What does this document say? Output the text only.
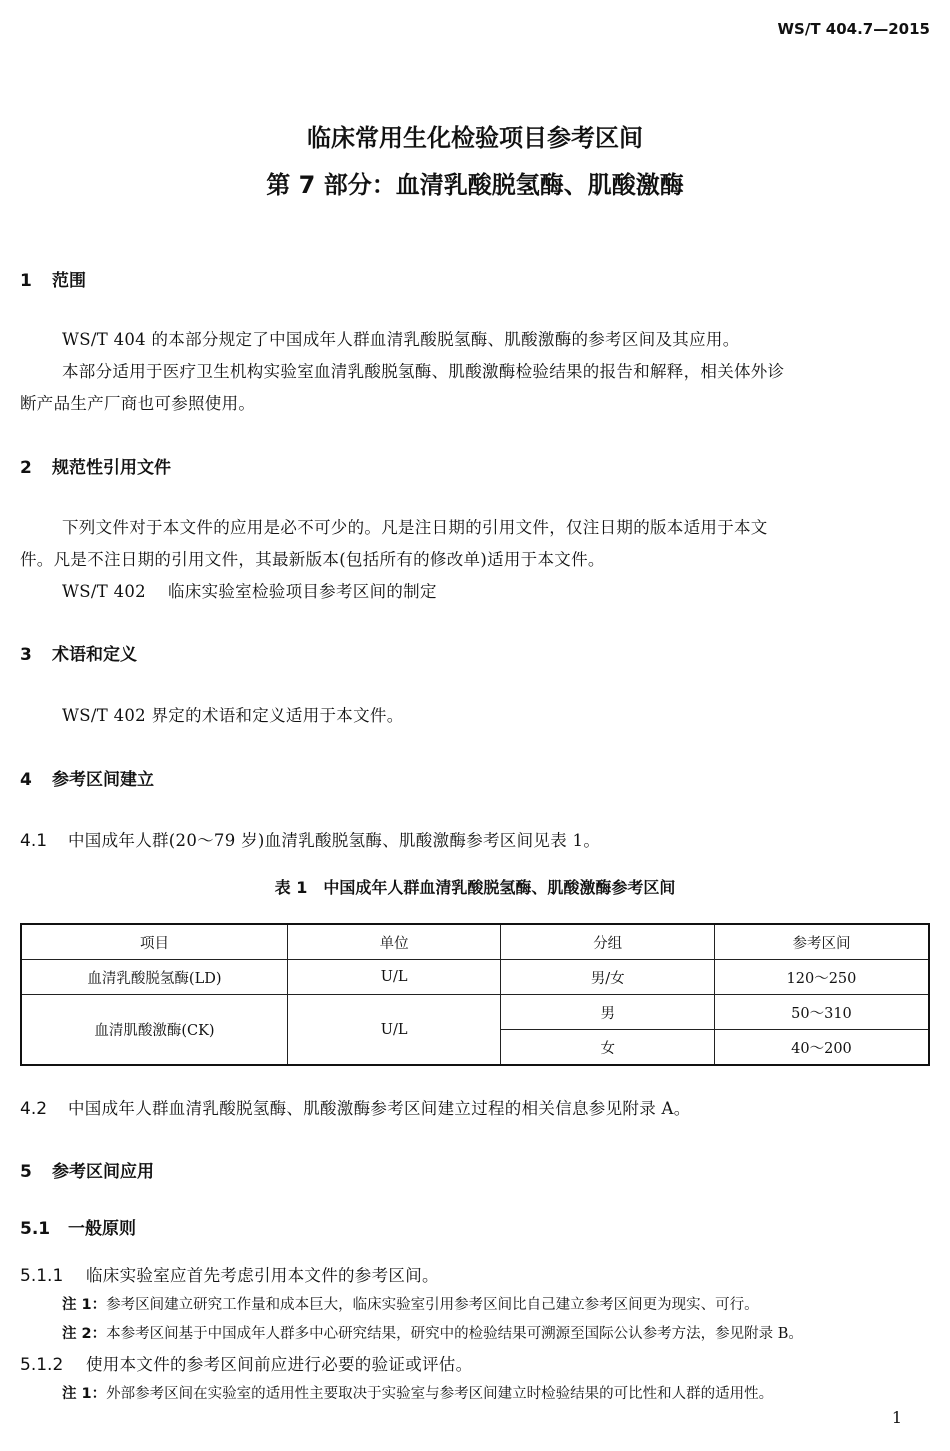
WS/T 404.7—2015
临床常用生化检验项目参考区间
第 7 部分：血清乳酸脱氢酶、肌酸激酶
1 范围
WS/T 404 的本部分规定了中国成年人群血清乳酸脱氢酶、肌酸激酶的参考区间及其应用。
本部分适用于医疗卫生机构实验室血清乳酸脱氢酶、肌酸激酶检验结果的报告和解释，相关体外诊
断产品生产厂商也可参照使用。
2 规范性引用文件
下列文件对于本文件的应用是必不可少的。凡是注日期的引用文件，仅注日期的版本适用于本文
件。凡是不注日期的引用文件，其最新版本(包括所有的修改单)适用于本文件。
WS/T 402 临床实验室检验项目参考区间的制定
3 术语和定义
WS/T 402 界定的术语和定义适用于本文件。
4 参考区间建立
4.1 中国成年人群(20～79 岁)血清乳酸脱氢酶、肌酸激酶参考区间见表 1。
表 1　中国成年人群血清乳酸脱氢酶、肌酸激酶参考区间
项目	单位	分组	参考区间
血清乳酸脱氢酶(LD)	U/L	男/女	120～250
血清肌酸激酶(CK)	U/L	男	50～310
		女	40～200
4.2 中国成年人群血清乳酸脱氢酶、肌酸激酶参考区间建立过程的相关信息参见附录 A。
5 参考区间应用
5.1 一般原则
5.1.1 临床实验室应首先考虑引用本文件的参考区间。
注 1：参考区间建立研究工作量和成本巨大，临床实验室引用参考区间比自己建立参考区间更为现实、可行。
注 2：本参考区间基于中国成年人群多中心研究结果，研究中的检验结果可溯源至国际公认参考方法，参见附录 B。
5.1.2 使用本文件的参考区间前应进行必要的验证或评估。
注 1：外部参考区间在实验室的适用性主要取决于实验室与参考区间建立时检验结果的可比性和人群的适用性。
1
